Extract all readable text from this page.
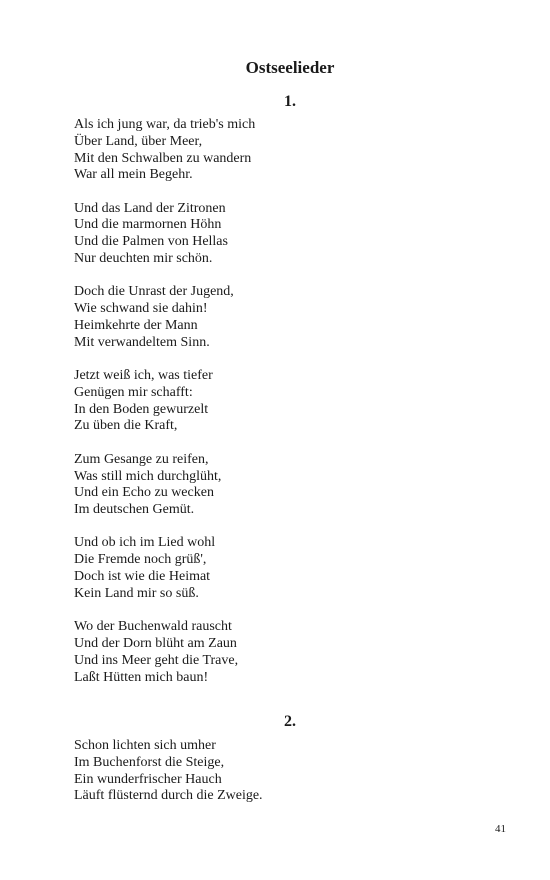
Ostseelieder
1.
Als ich jung war, da trieb's mich
Über Land, über Meer,
Mit den Schwalben zu wandern
War all mein Begehr.
Und das Land der Zitronen
Und die marmornen Höhn
Und die Palmen von Hellas
Nur deuchten mir schön.
Doch die Unrast der Jugend,
Wie schwand sie dahin!
Heimkehrte der Mann
Mit verwandeltem Sinn.
Jetzt weiß ich, was tiefer
Genügen mir schafft:
In den Boden gewurzelt
Zu üben die Kraft,
Zum Gesange zu reifen,
Was still mich durchglüht,
Und ein Echo zu wecken
Im deutschen Gemüt.
Und ob ich im Lied wohl
Die Fremde noch grüß',
Doch ist wie die Heimat
Kein Land mir so süß.
Wo der Buchenwald rauscht
Und der Dorn blüht am Zaun
Und ins Meer geht die Trave,
Laßt Hütten mich baun!
2.
Schon lichten sich umher
Im Buchenforst die Steige,
Ein wunderfrischer Hauch
Läuft flüsternd durch die Zweige.
41
